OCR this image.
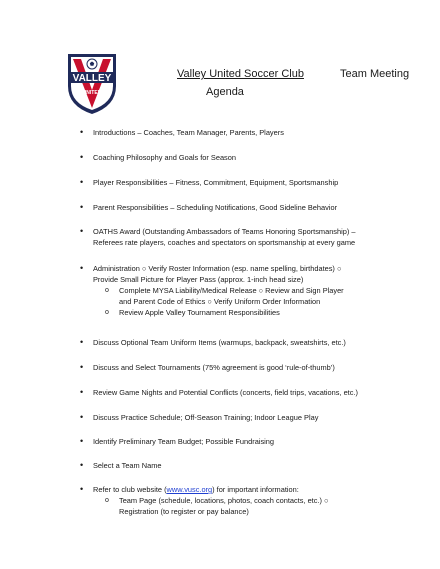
VALLEY
UNITED
Valley United Soccer Club	Team Meeting
Agenda
• Introductions – Coaches, Team Manager, Parents, Players
• Coaching Philosophy and Goals for Season
• Player Responsibilities – Fitness, Commitment, Equipment, Sportsmanship
• Parent Responsibilities – Scheduling Notifications, Good Sideline Behavior
• OATHS Award (Outstanding Ambassadors of Teams Honoring Sportsmanship) –
Referees rate players, coaches and spectators on sportsmanship at every game
• Administration ○ Verify Roster Information (esp. name spelling, birthdates) ○
Provide Small Picture for Player Pass (approx. 1-inch head size)
o Complete MYSA Liability/Medical Release ○ Review and Sign Player
and Parent Code of Ethics ○ Verify Uniform Order Information
o Review Apple Valley Tournament Responsibilities
• Discuss Optional Team Uniform Items (warmups, backpack, sweatshirts, etc.)
• Discuss and Select Tournaments (75% agreement is good ‘rule-of-thumb’)
• Review Game Nights and Potential Conflicts (concerts, field trips, vacations, etc.)
• Discuss Practice Schedule; Off-Season Training; Indoor League Play
• Identify Preliminary Team Budget; Possible Fundraising
• Select a Team Name
• Refer to club website (www.vusc.org) for important information:
o Team Page (schedule, locations, photos, coach contacts, etc.) ○
Registration (to register or pay balance)
